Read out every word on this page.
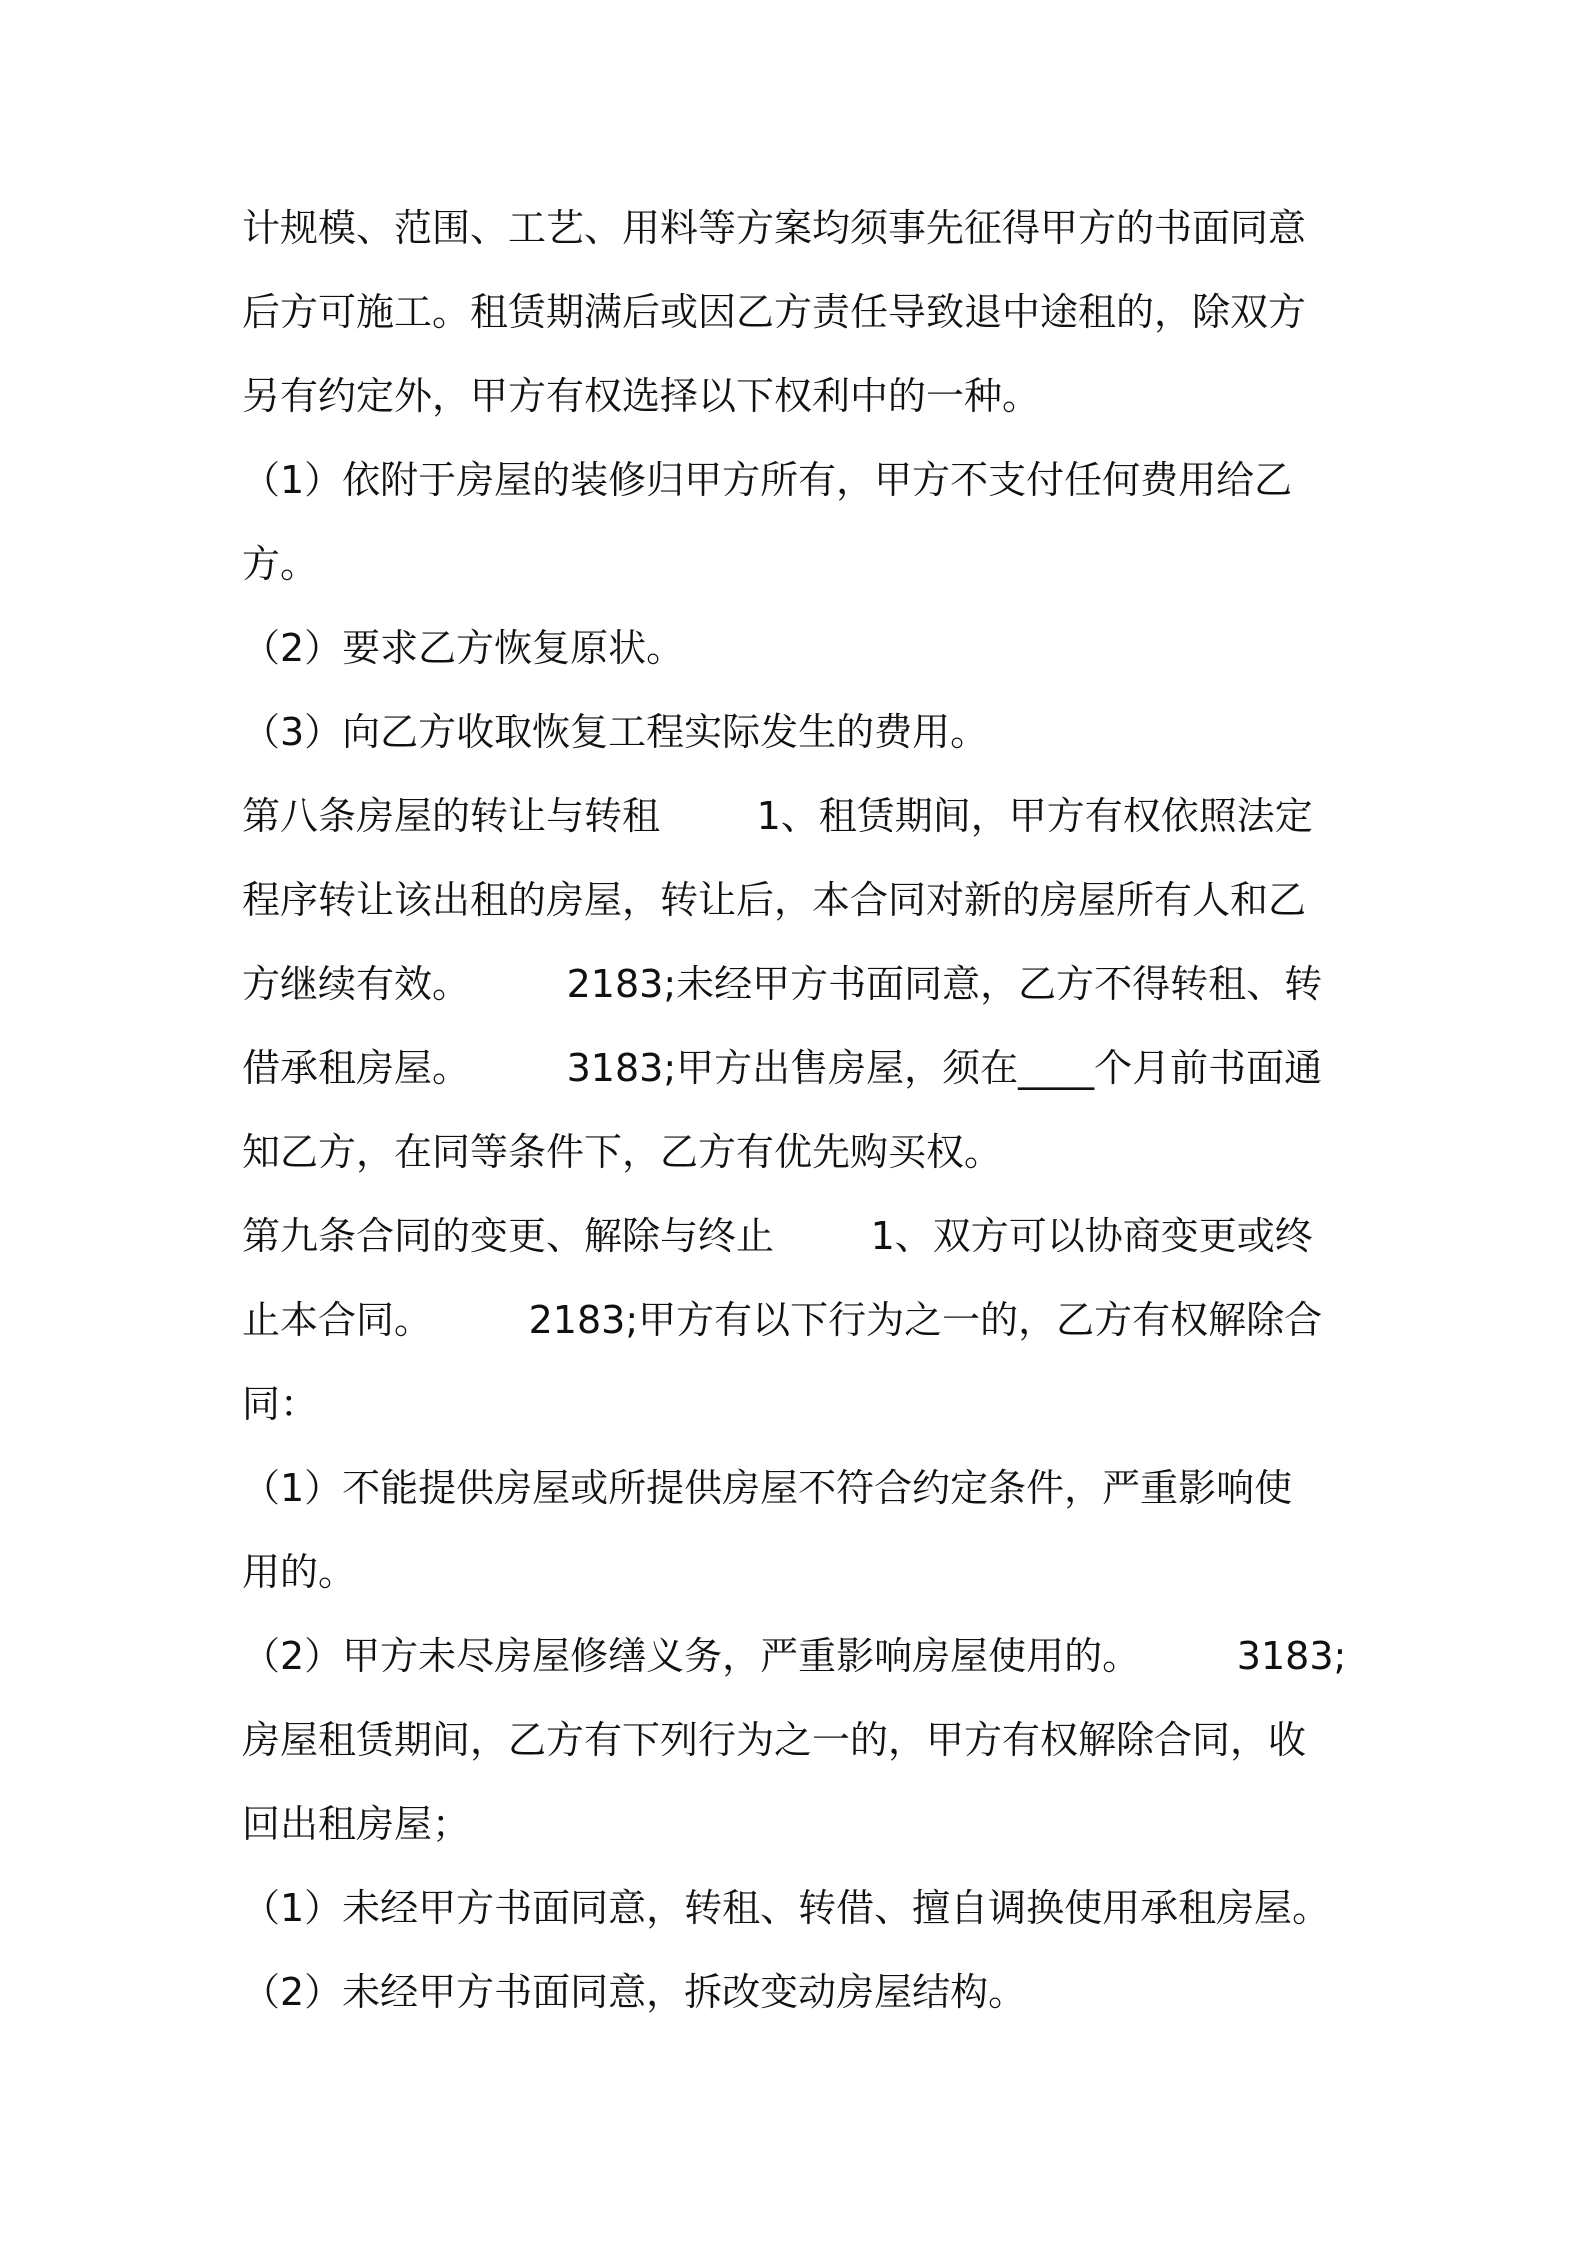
计规模、范围、工艺、用料等方案均须事先征得甲方的书面同意

后方可施工。租赁期满后或因乙方责任导致退中途租的，除双方

另有约定外，甲方有权选择以下权利中的一种。

（1）依附于房屋的装修归甲方所有，甲方不支付任何费用给乙

方。

（2）要求乙方恢复原状。

（3）向乙方收取恢复工程实际发生的费用。

第八条房屋的转让与转租        1、租赁期间，甲方有权依照法定

程序转让该出租的房屋，转让后，本合同对新的房屋所有人和乙

方继续有效。        2183;未经甲方书面同意，乙方不得转租、转

借承租房屋。        3183;甲方出售房屋，须在____个月前书面通

知乙方，在同等条件下，乙方有优先购买权。

第九条合同的变更、解除与终止        1、双方可以协商变更或终

止本合同。        2183;甲方有以下行为之一的，乙方有权解除合

同：

（1）不能提供房屋或所提供房屋不符合约定条件，严重影响使

用的。

（2）甲方未尽房屋修缮义务，严重影响房屋使用的。        3183;

房屋租赁期间，乙方有下列行为之一的，甲方有权解除合同，收

回出租房屋；

（1）未经甲方书面同意，转租、转借、擅自调换使用承租房屋。

（2）未经甲方书面同意，拆改变动房屋结构。
